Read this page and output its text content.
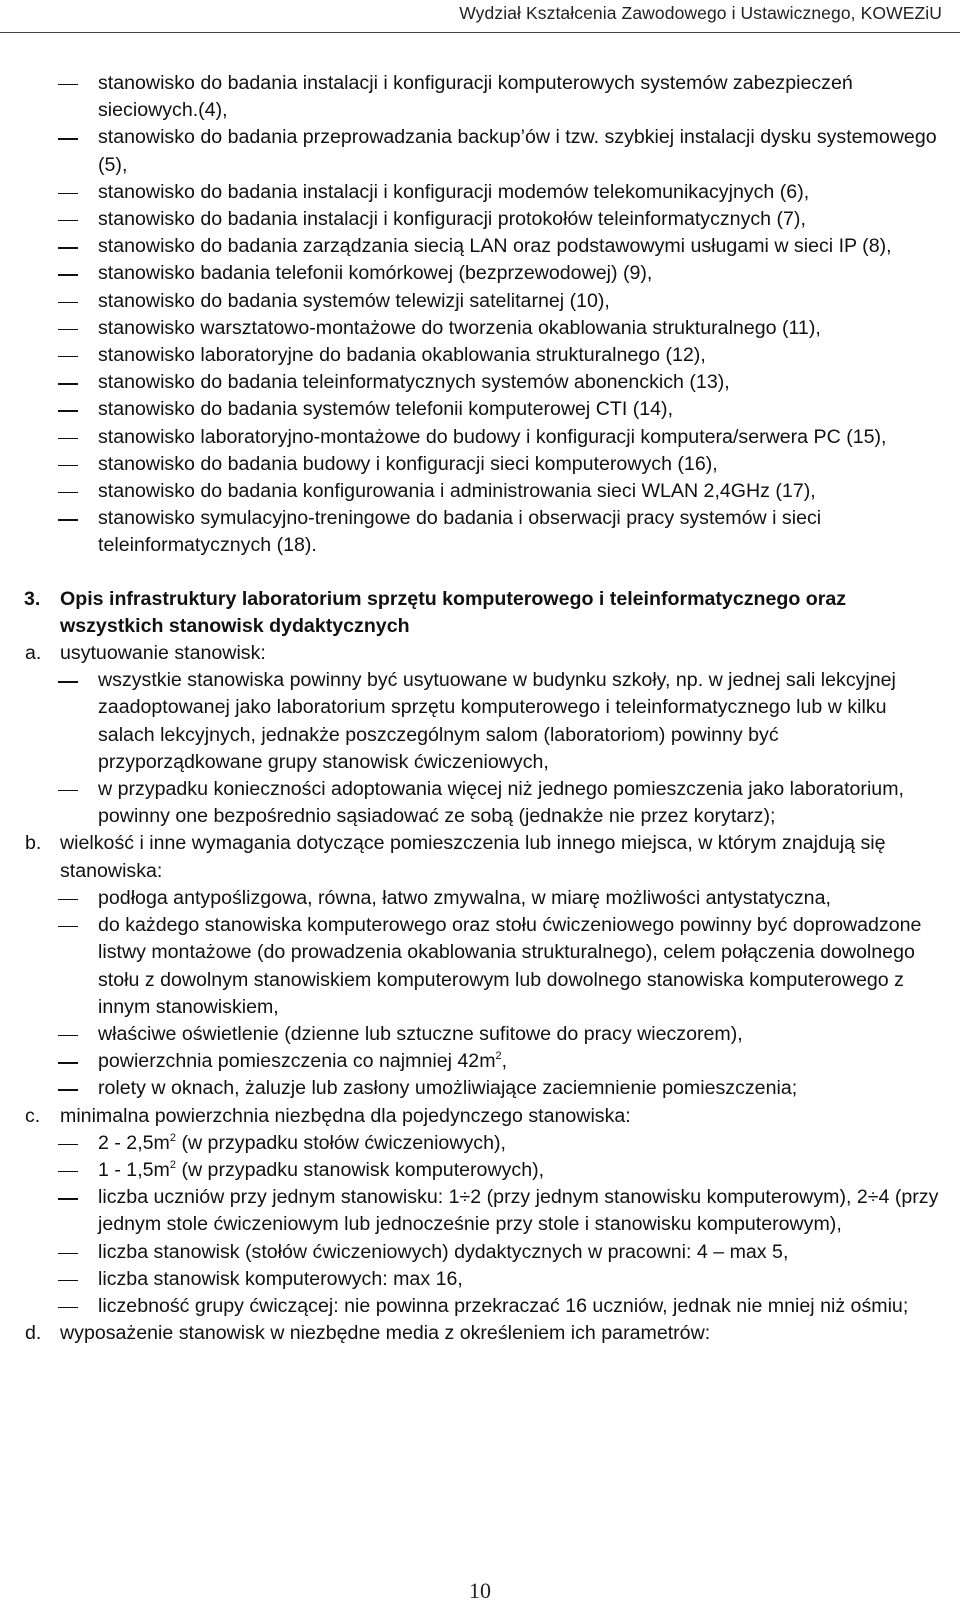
Wydział Kształcenia Zawodowego i Ustawicznego, KOWEZiU
stanowisko do badania instalacji i konfiguracji komputerowych systemów zabezpieczeń sieciowych.(4),
stanowisko do badania przeprowadzania backup’ów i tzw. szybkiej instalacji dysku systemowego (5),
stanowisko do badania instalacji i konfiguracji modemów telekomunikacyjnych (6),
stanowisko do badania instalacji i konfiguracji protokołów teleinformatycznych (7),
stanowisko do badania zarządzania siecią LAN oraz podstawowymi usługami w sieci IP (8),
stanowisko badania telefonii komórkowej (bezprzewodowej) (9),
stanowisko do badania systemów telewizji satelitarnej (10),
stanowisko warsztatowo-montażowe do tworzenia okablowania strukturalnego (11),
stanowisko laboratoryjne do badania okablowania strukturalnego (12),
stanowisko do badania teleinformatycznych systemów abonenckich (13),
stanowisko do badania systemów telefonii komputerowej CTI (14),
stanowisko laboratoryjno-montażowe do budowy i konfiguracji komputera/serwera PC (15),
stanowisko do badania budowy i konfiguracji sieci komputerowych (16),
stanowisko do badania konfigurowania i administrowania sieci WLAN 2,4GHz (17),
stanowisko symulacyjno-treningowe do badania i obserwacji pracy systemów i sieci teleinformatycznych (18).
3. Opis infrastruktury laboratorium sprzętu komputerowego i teleinformatycznego oraz wszystkich stanowisk dydaktycznych
a. usytuowanie stanowisk:
wszystkie stanowiska powinny być usytuowane w budynku szkoły, np. w jednej sali lekcyjnej zaadoptowanej jako laboratorium sprzętu komputerowego i teleinformatycznego lub w kilku salach lekcyjnych, jednakże poszczególnym salom (laboratoriom) powinny być przyporządkowane grupy stanowisk ćwiczeniowych,
w przypadku konieczności adoptowania więcej niż jednego pomieszczenia jako laboratorium, powinny one bezpośrednio sąsiadować ze sobą (jednakże nie przez korytarz);
b. wielkość i inne wymagania dotyczące pomieszczenia lub innego miejsca, w którym znajdują się stanowiska:
podłoga antypoślizgowa, równa, łatwo zmywalna, w miarę możliwości antystatyczna,
do każdego stanowiska komputerowego oraz stołu ćwiczeniowego powinny być doprowadzone listwy montażowe (do prowadzenia okablowania strukturalnego), celem połączenia dowolnego stołu z dowolnym stanowiskiem komputerowym lub dowolnego stanowiska komputerowego z innym stanowiskiem,
właściwe oświetlenie (dzienne lub sztuczne sufitowe do pracy wieczorem),
powierzchnia pomieszczenia co najmniej $42m^2$,
rolety w oknach, żaluzje lub zasłony umożliwiające zaciemnienie pomieszczenia;
c. minimalna powierzchnia niezbędna dla pojedynczego stanowiska:
$2 - 2,5m^2$ (w przypadku stołów ćwiczeniowych),
$1 - 1,5m^2$ (w przypadku stanowisk komputerowych),
liczba uczniów przy jednym stanowisku: 1÷2 (przy jednym stanowisku komputerowym), 2÷4 (przy jednym stole ćwiczeniowym lub jednocześnie przy stole i stanowisku komputerowym),
liczba stanowisk (stołów ćwiczeniowych) dydaktycznych w pracowni: 4 – max 5,
liczba stanowisk komputerowych: max 16,
liczebność grupy ćwiczącej: nie powinna przekraczać 16 uczniów, jednak nie mniej niż ośmiu;
d. wyposażenie stanowisk w niezbędne media z określeniem ich parametrów:
10
